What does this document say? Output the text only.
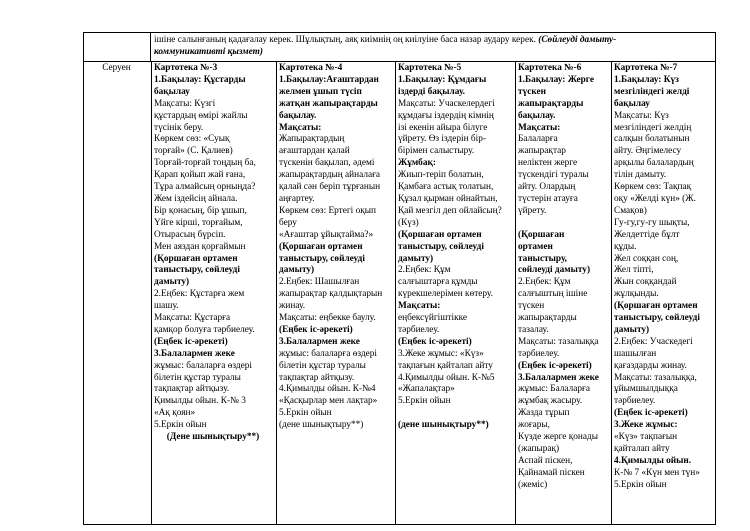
ішіне салынғаның қадағалау керек. Шұлықтың, аяқ киімнің оң киілуіне баса назар аудару керек. (Сөйлеуді дамыту-

коммуникативті қызмет)

Серуен	Картотека №-3

1.Бақылау: Құстарды

бақылау

Мақсаты: Күзгі

құстардың өмірі жайлы

түсінік беру.

Көркем сөз: «Суық

торғай» (С. Қалиев)

Торғай-торғай тоңдың ба,

Қарап қойып жай ғана,

Тұра алмайсың орныңда?

Жем іздейсің айнала.

Бір қонасың, бір ұшып,

Үйге кірші, торғайым,

Отырасың бүрсіп.

Мен аяздан қорғаймын

(Қоршаған ортамен

таныстыру, сөйлеуді

дамыту)

2.Еңбек: Құстарға жем

шашу.

Мақсаты: Құстарға

қамқор болуға тәрбиелеу.

(Еңбек іс-әрекеті)

3.Балалармен жеке

жұмыс: балаларға өздері

білетін құстар туралы

тақпақтар айтқызу.

Қимылды ойын. К-№ 3

«Ақ қоян»

5.Еркін ойын

(Дене шынықтыру**)

Картотека №-4

1.Бақылау:Ағаштардан

желмен ұшып түсіп

жатқан жапырақтарды

бақылау.

Мақсаты:

Жапырақтардың

ағаштардан қалай

түскенін бақылап, әдемі

жапырақтардың айналаға

қалай сән беріп тұрғанын

аңғартеу.

Көркем сөз: Ертегі оқып

беру

«Ағаштар ұйықтайма?»

(Қоршаған ортамен

таныстыру, сөйлеуді

дамыту)

2.Еңбек: Шашылған

жапырақтар қалдықтарын

жинау.

Мақсаты: еңбекке баулу.

(Еңбек іс-әрекеті)

3.Балалармен жеке

жұмыс: балаларға өздері

білетін құстар туралы

тақпақтар айтқызу.

4.Қимылды ойын. К-№4

«Қасқырлар мен лақтар»

5.Еркін ойын

(дене шынықтыру**)

Картотека №-5

1.Бақылау: Құмдағы

іздерді бақылау.

Мақсаты: Учаскелердегі

құмдағы іздердің кімнің

ізі екенін айыра білуге

үйрету. Өз іздерін бір-

бірімен салыстыру.

Жұмбақ:

Жиып-теріп болатын,

Қамбаға астық толатын,

Құзал қырман ойнайтын,

Қай мезгіл деп ойлайсың?

(Күз)

(Қоршаған ортамен

таныстыру, сөйлеуді

дамыту)

2.Еңбек: Құм

салғыштарға құмды

күрекшелерімен көтеру.

Мақсаты:

еңбексүйгіштікке

тәрбиелеу.

(Еңбек іс-әрекеті)

3.Жеке жұмыс: «Күз»

тақпағын қайталап айту

4.Қимылды ойын. К-№5

«Жапалақтар»

5.Еркін ойын

(дене шынықтыру**)

Картотека №-6

1.Бақылау: Жерге

түскен

жапырақтарды

бақылау.

Мақсаты:

Балаларға

жапырақтар

неліктен жерге

түскендігі туралы

айту. Олардың

түстерін атауға

үйрету.

(Қоршаған

ортамен

таныстыру,

сөйлеуді дамыту)

2.Еңбек: Құм

салғыштың ішіне

түскен

жапырақтарды

тазалау.

Мақсаты: тазалыққа

тәрбиелеу.

(Еңбек іс-әрекеті)

3.Балалармен жеке

жұмыс: Балаларға

жұмбақ жасыру.

Жазда тұрып

жоғары,

Күзде жерге қонады

(жапырақ)

Аспай піскен,

Қайнамай піскен

(жеміс)

Картотека №-7

1.Бақылау: Күз

мезгіліндегі желді

бақылау

Мақсаты: Күз

мезгіліндегі желдің

салқын болатынын

айту. Әңгімелесу

арқылы балалардың

тілін дамыту.

Көркем сөз: Тақпақ

оқу «Желді күн» (Ж.

Смақов)

Гу-гу,гу-гу шықты,

Желдеттіде бұлт

құды.

Жел соққан соң,

Жел тіпті,

Жын соққандай

жұлқынды.

(Қоршаған ортамен

таныстыру, сөйлеуді

дамыту)

2.Еңбек: Учаскедегі

шашылған

қағаздарды жинау.

Мақсаты: тазалыққа,

ұйымшылдыққа

тәрбиелеу.

(Еңбек іс-әрекеті)

3.Жеке жұмыс:

«Күз» тақпағын

қайталап айту

4.Қимылды ойын.

К-№ 7 «Күн мен түн»

5.Еркін ойын
